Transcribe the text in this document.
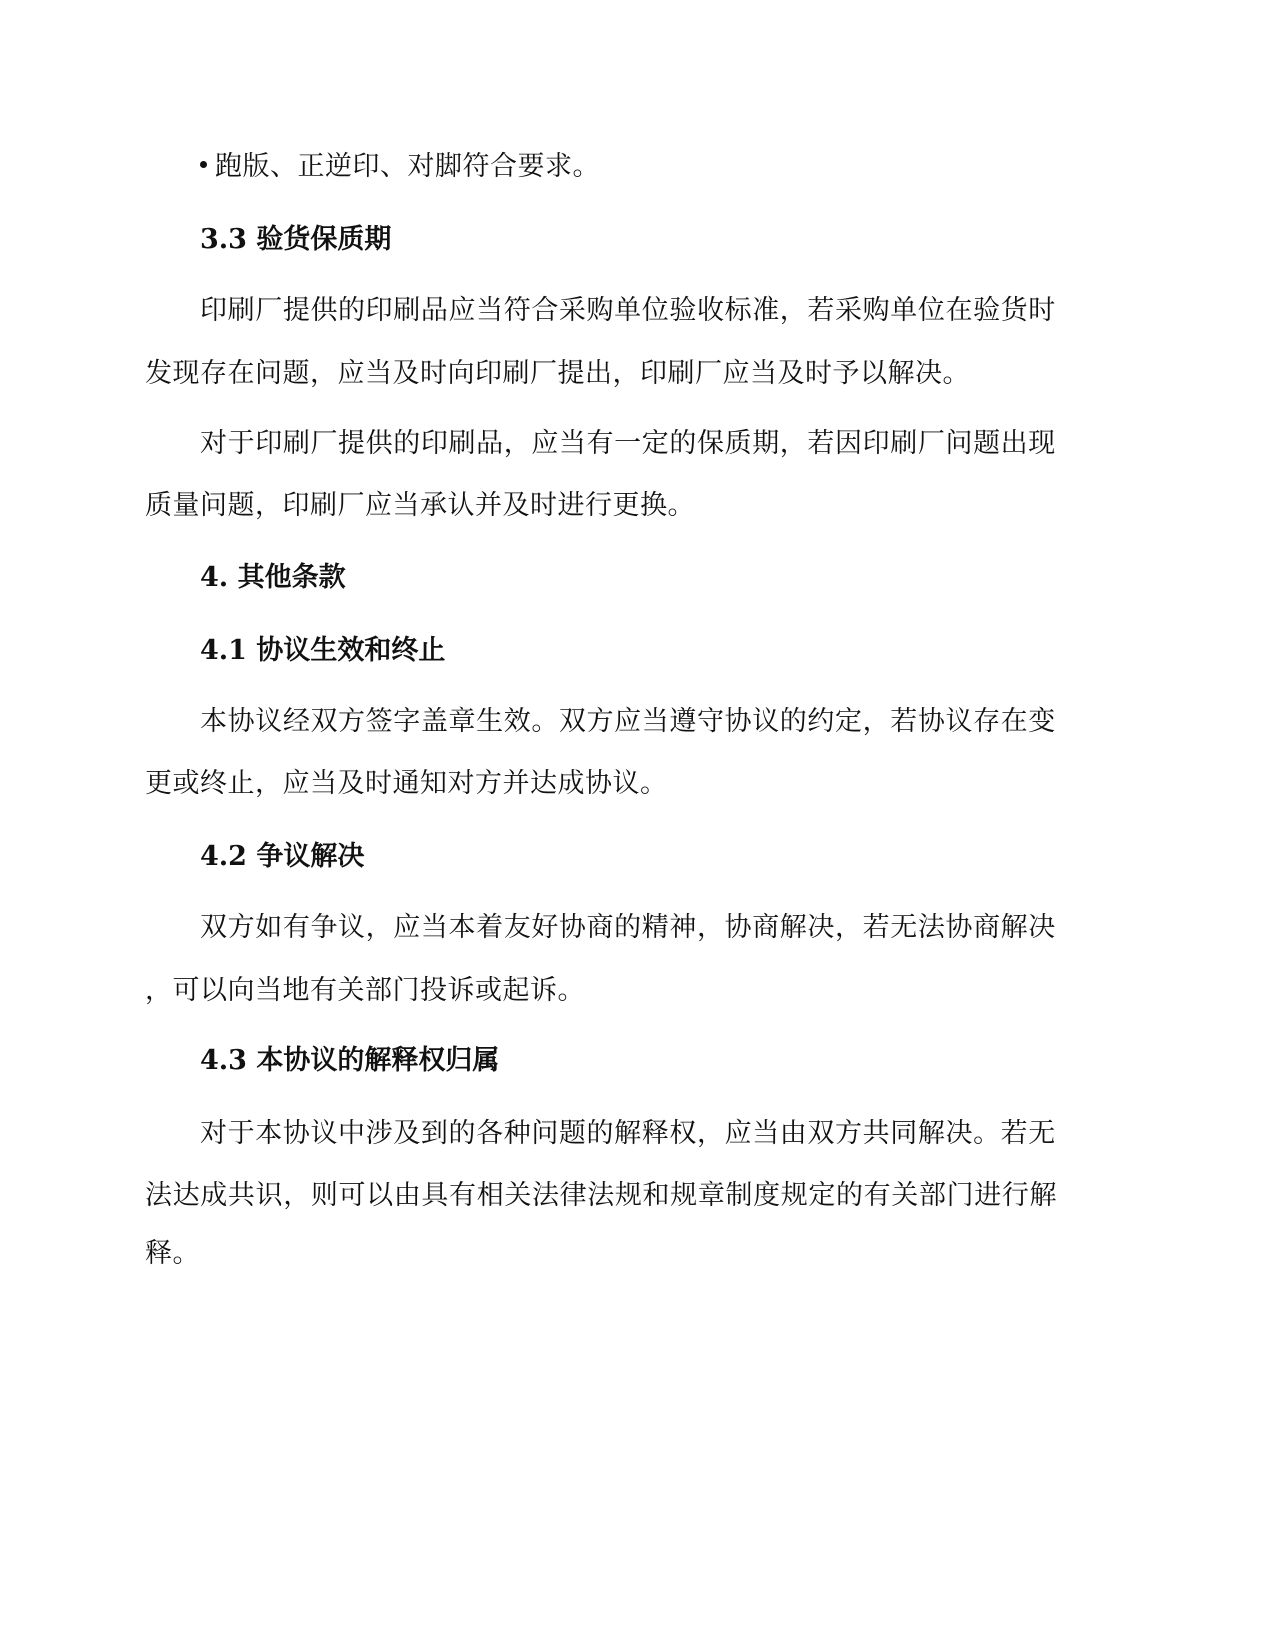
跑版、正逆印、对脚符合要求。
3.3 验货保质期
印 刷 厂 提 供 的 印 刷 品 应 当 符 合 采 购 单 位 验 收 标 准 ， 若 采 购 单 位 在 验 货 时
发现存在问题，应当及时向印刷厂提出，印刷厂应当及时予以解决。
对 于 印 刷 厂 提 供 的 印 刷 品 ， 应 当 有 一 定 的 保 质 期 ， 若 因 印 刷 厂 问 题 出 现
质量问题，印刷厂应当承认并及时进行更换。
4. 其他条款
4.1 协议生效和终止
本 协 议 经 双 方 签 字 盖 章 生 效 。 双 方 应 当 遵 守 协 议 的 约 定 ， 若 协 议 存 在 变
更或终止，应当及时通知对方并达成协议。
4.2 争议解决
双 方 如 有 争 议 ， 应 当 本 着 友 好 协 商 的 精 神 ， 协 商 解 决 ， 若 无 法 协 商 解 决
，可以向当地有关部门投诉或起诉。
4.3 本协议的解释权归属
对 于 本 协 议 中 涉 及 到 的 各 种 问 题 的 解 释 权 ， 应 当 由 双 方 共 同 解 决 。 若 无
法 达 成 共 识 ， 则 可 以 由 具 有 相 关 法 律 法 规 和 规 章 制 度 规 定 的 有 关 部 门 进 行 解
释。
